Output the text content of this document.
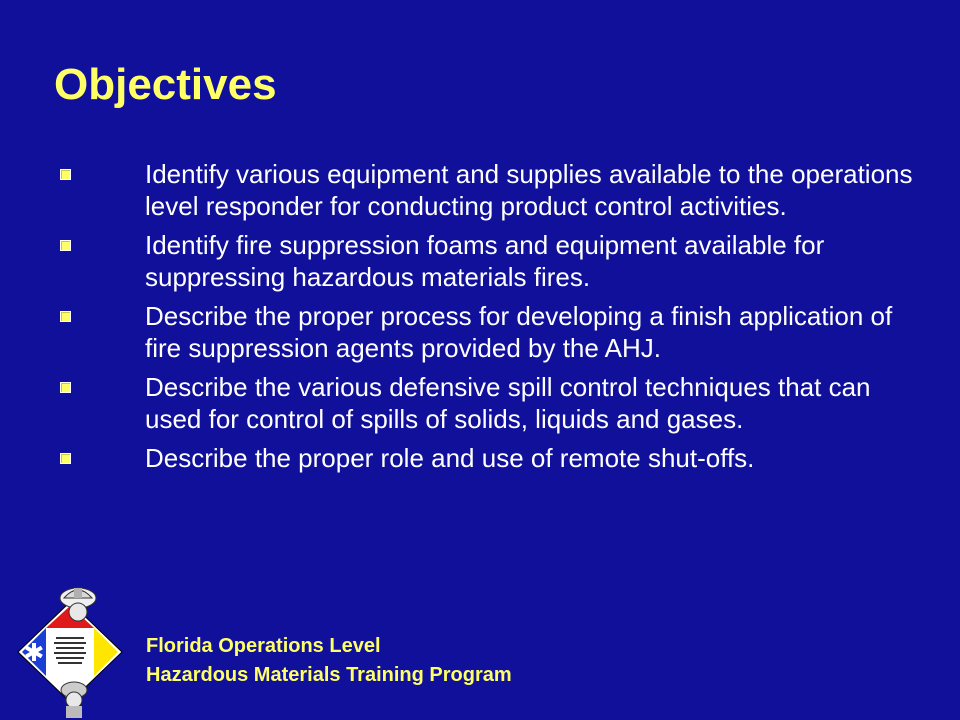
Objectives
Identify various equipment and supplies available to the operations level responder for conducting product control activities.
Identify fire suppression foams and equipment available for suppressing hazardous materials fires.
Describe the proper process for developing a finish application of fire suppression agents provided by the AHJ.
Describe the various defensive spill control techniques that can used for control of spills of solids, liquids and gases.
Describe the proper role and use of remote shut-offs.
Florida Operations Level
Hazardous Materials Training Program
